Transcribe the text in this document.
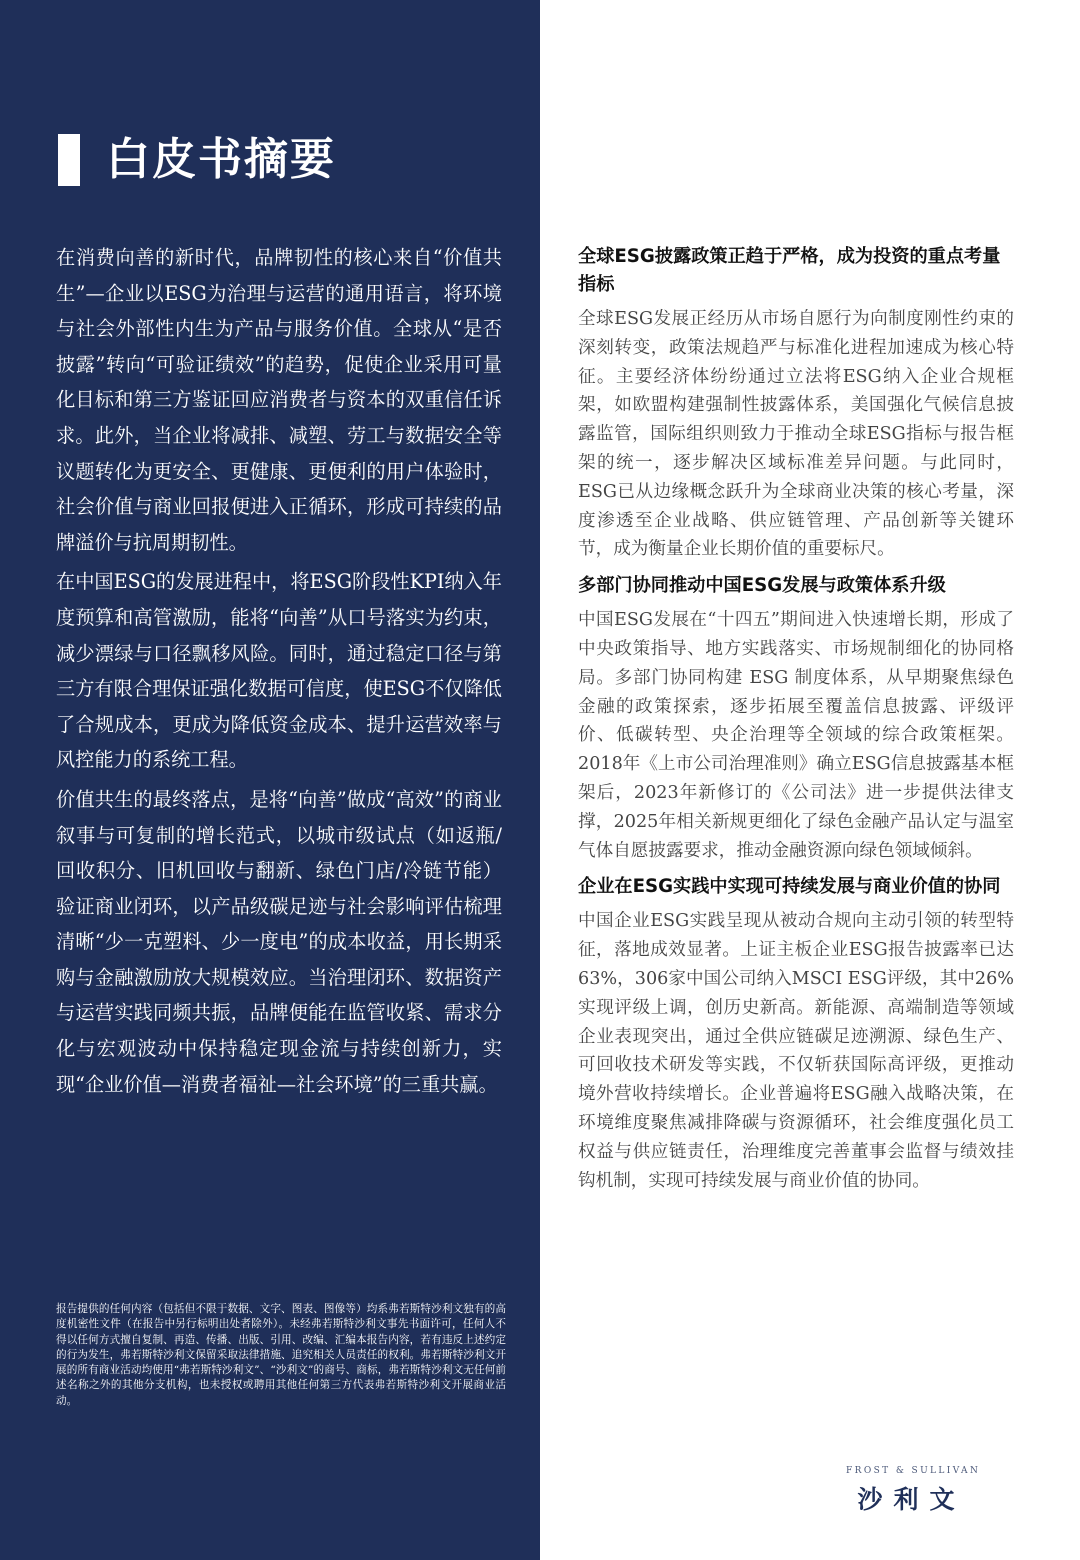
白皮书摘要

在消费向善的新时代，品牌韧性的核心来自“价值共生”—企业以ESG为治理与运营的通用语言，将环境与社会外部性内生为产品与服务价值。全球从“是否披露”转向“可验证绩效”的趋势，促使企业采用可量化目标和第三方鉴证回应消费者与资本的双重信任诉求。此外，当企业将减排、减塑、劳工与数据安全等议题转化为更安全、更健康、更便利的用户体验时，社会价值与商业回报便进入正循环，形成可持续的品牌溢价与抗周期韧性。

在中国ESG的发展进程中，将ESG阶段性KPI纳入年度预算和高管激励，能将“向善”从口号落实为约束，减少漂绿与口径飘移风险。同时，通过稳定口径与第三方有限合理保证强化数据可信度，使ESG不仅降低了合规成本，更成为降低资金成本、提升运营效率与风控能力的系统工程。

价值共生的最终落点，是将“向善”做成“高效”的商业叙事与可复制的增长范式，以城市级试点（如返瓶/回收积分、旧机回收与翻新、绿色门店/冷链节能）验证商业闭环，以产品级碳足迹与社会影响评估梳理清晰“少一克塑料、少一度电”的成本收益，用长期采购与金融激励放大规模效应。当治理闭环、数据资产与运营实践同频共振，品牌便能在监管收紧、需求分化与宏观波动中保持稳定现金流与持续创新力，实现“企业价值—消费者福祉—社会环境”的三重共赢。

报告提供的任何内容（包括但不限于数据、文字、图表、图像等）均系弗若斯特沙利文独有的高度机密性文件（在报告中另行标明出处者除外）。未经弗若斯特沙利文事先书面许可，任何人不得以任何方式擅自复制、再造、传播、出版、引用、改编、汇编本报告内容，若有违反上述约定的行为发生，弗若斯特沙利文保留采取法律措施、追究相关人员责任的权利。弗若斯特沙利文开展的所有商业活动均使用“弗若斯特沙利文”、“沙利文”的商号、商标，弗若斯特沙利文无任何前述名称之外的其他分支机构，也未授权或聘用其他任何第三方代表弗若斯特沙利文开展商业活动。

全球ESG披露政策正趋于严格，成为投资的重点考量指标

全球ESG发展正经历从市场自愿行为向制度刚性约束的深刻转变，政策法规趋严与标准化进程加速成为核心特征。主要经济体纷纷通过立法将ESG纳入企业合规框架，如欧盟构建强制性披露体系，美国强化气候信息披露监管，国际组织则致力于推动全球ESG指标与报告框架的统一，逐步解决区域标准差异问题。与此同时，ESG已从边缘概念跃升为全球商业决策的核心考量，深度渗透至企业战略、供应链管理、产品创新等关键环节，成为衡量企业长期价值的重要标尺。

多部门协同推动中国ESG发展与政策体系升级

中国ESG发展在“十四五”期间进入快速增长期，形成了中央政策指导、地方实践落实、市场规制细化的协同格局。多部门协同构建 ESG 制度体系，从早期聚焦绿色金融的政策探索，逐步拓展至覆盖信息披露、评级评价、低碳转型、央企治理等全领域的综合政策框架。2018年《上市公司治理准则》确立ESG信息披露基本框架后，2023年新修订的《公司法》进一步提供法律支撑，2025年相关新规更细化了绿色金融产品认定与温室气体自愿披露要求，推动金融资源向绿色领域倾斜。

企业在ESG实践中实现可持续发展与商业价值的协同

中国企业ESG实践呈现从被动合规向主动引领的转型特征，落地成效显著。上证主板企业ESG报告披露率已达63%，306家中国公司纳入MSCI ESG评级，其中26%实现评级上调，创历史新高。新能源、高端制造等领域企业表现突出，通过全供应链碳足迹溯源、绿色生产、可回收技术研发等实践，不仅斩获国际高评级，更推动境外营收持续增长。企业普遍将ESG融入战略决策，在环境维度聚焦减排降碳与资源循环，社会维度强化员工权益与供应链责任，治理维度完善董事会监督与绩效挂钩机制，实现可持续发展与商业价值的协同。

FROST & SULLIVAN
沙利文
